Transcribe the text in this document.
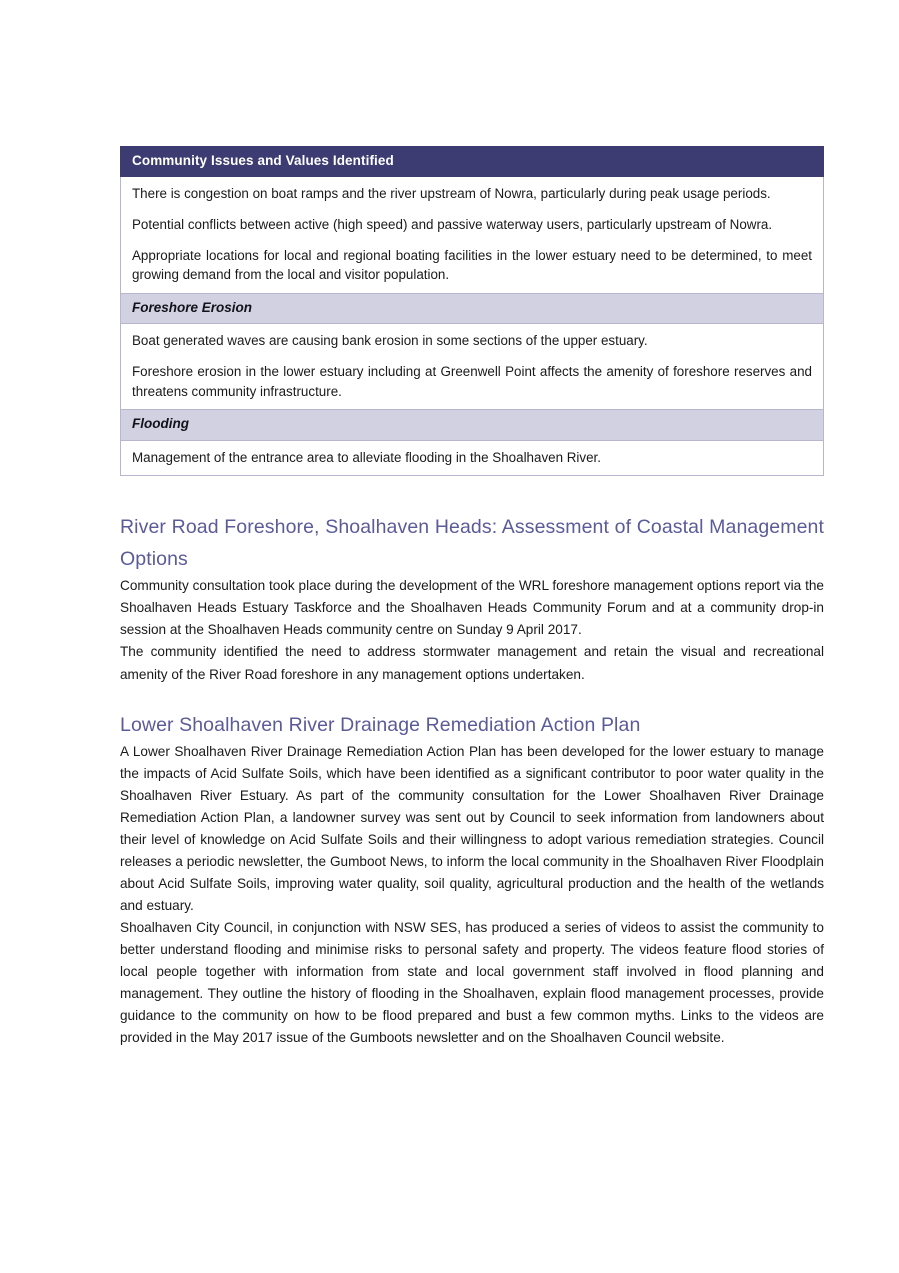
Community Issues and Values Identified

There is congestion on boat ramps and the river upstream of Nowra, particularly during peak usage periods.

Potential conflicts between active (high speed) and passive waterway users, particularly upstream of Nowra.

Appropriate locations for local and regional boating facilities in the lower estuary need to be determined, to meet growing demand from the local and visitor population.

Foreshore Erosion

Boat generated waves are causing bank erosion in some sections of the upper estuary.

Foreshore erosion in the lower estuary including at Greenwell Point affects the amenity of foreshore reserves and threatens community infrastructure.

Flooding

Management of the entrance area to alleviate flooding in the Shoalhaven River.

River Road Foreshore, Shoalhaven Heads: Assessment of Coastal Management Options

Community consultation took place during the development of the WRL foreshore management options report via the Shoalhaven Heads Estuary Taskforce and the Shoalhaven Heads Community Forum and at a community drop-in session at the Shoalhaven Heads community centre on Sunday 9 April 2017.

The community identified the need to address stormwater management and retain the visual and recreational amenity of the River Road foreshore in any management options undertaken.

Lower Shoalhaven River Drainage Remediation Action Plan

A Lower Shoalhaven River Drainage Remediation Action Plan has been developed for the lower estuary to manage the impacts of Acid Sulfate Soils, which have been identified as a significant contributor to poor water quality in the Shoalhaven River Estuary. As part of the community consultation for the Lower Shoalhaven River Drainage Remediation Action Plan, a landowner survey was sent out by Council to seek information from landowners about their level of knowledge on Acid Sulfate Soils and their willingness to adopt various remediation strategies. Council releases a periodic newsletter, the Gumboot News, to inform the local community in the Shoalhaven River Floodplain about Acid Sulfate Soils, improving water quality, soil quality, agricultural production and the health of the wetlands and estuary.

Shoalhaven City Council, in conjunction with NSW SES, has produced a series of videos to assist the community to better understand flooding and minimise risks to personal safety and property. The videos feature flood stories of local people together with information from state and local government staff involved in flood planning and management. They outline the history of flooding in the Shoalhaven, explain flood management processes, provide guidance to the community on how to be flood prepared and bust a few common myths. Links to the videos are provided in the May 2017 issue of the Gumboots newsletter and on the Shoalhaven Council website.
